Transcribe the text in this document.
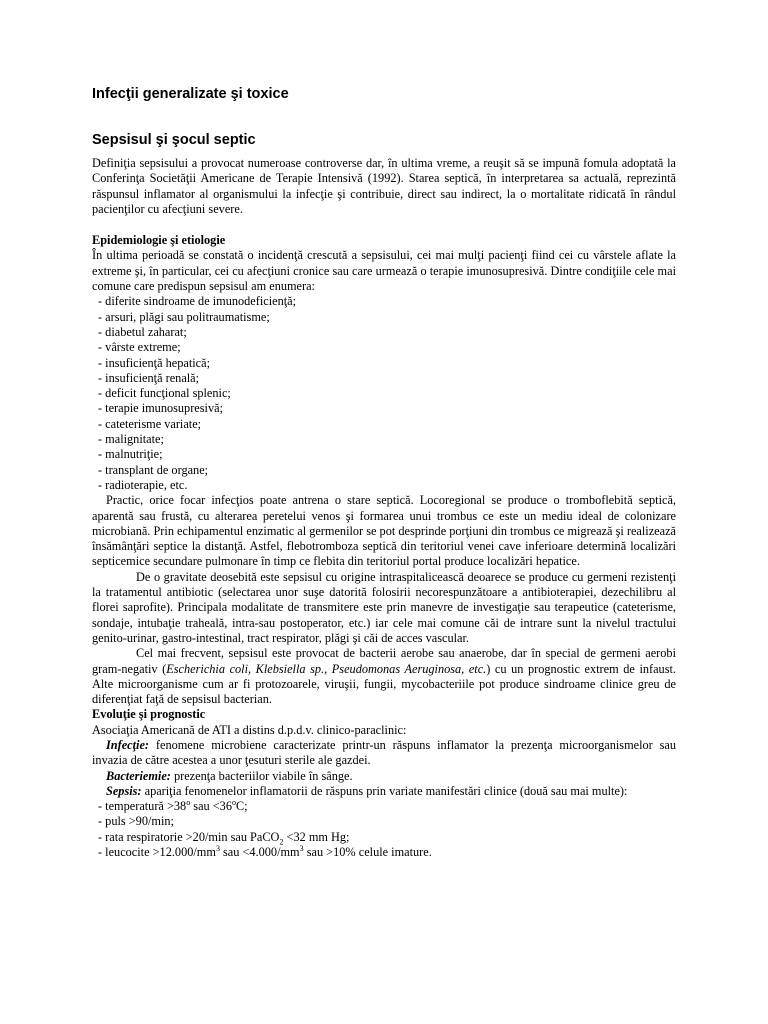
Infecţii generalizate şi toxice
Sepsisul şi şocul septic

Definiţia sepsisului a provocat numeroase controverse dar, în ultima vreme, a reuşit să se impună fomula adoptată la Conferinţa Societăţii Americane de Terapie Intensivă (1992). Starea septică, în interpretarea sa actuală, reprezintă răspunsul inflamator al organismului la infecţie şi contribuie, direct sau indirect, la o mortalitate ridicată în rândul pacienţilor cu afecţiuni severe.

Epidemiologie şi etiologie

În ultima perioadă se constată o incidenţă crescută a sepsisului, cei mai mulţi pacienţi fiind cei cu vârstele aflate la extreme şi, în particular, cei cu afecţiuni cronice sau care urmează o terapie imunosupresivă. Dintre condiţiile cele mai comune care predispun sepsisul am enumera:

- diferite sindroame de imunodeficienţă;
- arsuri, plăgi sau politraumatisme;
- diabetul zaharat;
- vârste extreme;
- insuficienţă hepatică;
- insuficienţă renală;
- deficit funcţional splenic;
- terapie imunosupresivă;
- cateterisme variate;
- malignitate;
- malnutriţie;
- transplant de organe;
- radioterapie, etc.

Practic, orice focar infecţios poate antrena o stare septică. Locoregional se produce o tromboflebită septică, aparentă sau frustă, cu alterarea peretelui venos şi formarea unui trombus ce este un mediu ideal de colonizare microbiană. Prin echipamentul enzimatic al germenilor se pot desprinde porţiuni din trombus ce migrează şi realizează însămânţări septice la distanţă. Astfel, flebotromboza septică din teritoriul venei cave inferioare determină localizări septicemice secundare pulmonare în timp ce flebita din teritoriul portal produce localizări hepatice.

De o gravitate deosebită este sepsisul cu origine intraspitalicească deoarece se produce cu germeni rezistenţi la tratamentul antibiotic (selectarea unor suşe datorită folosirii necorespunzătoare a antibioterapiei, dezechilibru al florei saprofite). Principala modalitate de transmitere este prin manevre de investigaţie sau terapeutice (cateterisme, sondaje, intubaţie traheală, intra-sau postoperator, etc.) iar cele mai comune căi de intrare sunt la nivelul tractului genito-urinar, gastro-intestinal, tract respirator, plăgi şi căi de acces vascular.

Cel mai frecvent, sepsisul este provocat de bacterii aerobe sau anaerobe, dar în special de germeni aerobi gram-negativ (Escherichia coli, Klebsiella sp., Pseudomonas Aeruginosa, etc.) cu un prognostic extrem de infaust. Alte microorganisme cum ar fi protozoarele, viruşii, fungii, mycobacteriile pot produce sindroame clinice greu de diferenţiat faţă de sepsisul bacterian.

Evoluţie şi prognostic

Asociaţia Americană de ATI a distins d.p.d.v. clinico-paraclinic:

Infecţie: fenomene microbiene caracterizate printr-un răspuns inflamator la prezenţa microorganismelor sau invazia de către acestea a unor ţesuturi sterile ale gazdei.

Bacteriemie: prezenţa bacteriilor viabile în sânge.

Sepsis: apariţia fenomenelor inflamatorii de răspuns prin variate manifestări clinice (două sau mai multe):

- temperatură $>38^o$ sau $<36^oC$;
- puls >90/min;
- rata respiratorie >20/min sau PaCO$_2$ <32 mm Hg;
- leucocite $>12.000/mm^3$ sau $<4.000/mm^3$ sau >10% celule imature.
